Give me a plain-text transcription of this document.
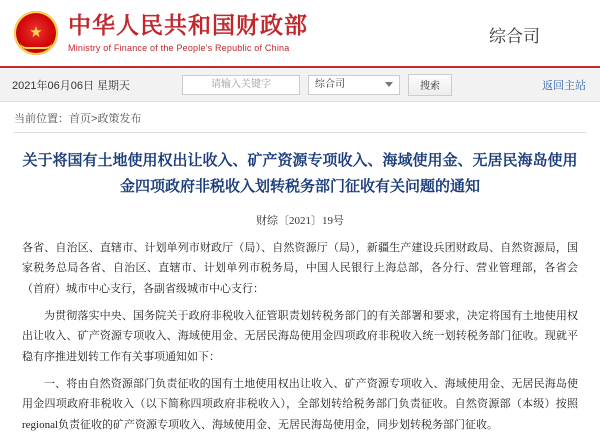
★
中华人民共和国财政部
Ministry of Finance of the People's Republic of China
综合司
2021年06月06日 星期天	请输入关键字	综合司	搜索	返回主站
当前位置：首页>政策发布
关于将国有土地使用权出让收入、矿产资源专项收入、海域使用金、无居民海岛使用金四项政府非税收入划转税务部门征收有关问题的通知
财综〔2021〕19号

各省、自治区、直辖市、计划单列市财政厅（局）、自然资源厅（局），新疆生产建设兵团财政局、自然资源局，国家税务总局各省、自治区、直辖市、计划单列市税务局，中国人民银行上海总部，各分行、营业管理部，各省会（首府）城市中心支行，各副省级城市中心支行：

为贯彻落实中央、国务院关于政府非税收入征管职责划转税务部门的有关部署和要求，决定将国有土地使用权出让收入、矿产资源专项收入、海域使用金、无居民海岛使用金四项政府非税收入统一划转税务部门征收。现就平稳有序推进划转工作有关事项通知如下：

一、将由自然资源部门负责征收的国有土地使用权出让收入、矿产资源专项收入、海域使用金、无居民海岛使用金四项政府非税收入（以下简称四项政府非税收入），全部划转给税务部门负责征收。自然资源部（本级）按照regional负责征收的矿产资源专项收入、海域使用金、无居民海岛使用金，同步划转税务部门征收。
